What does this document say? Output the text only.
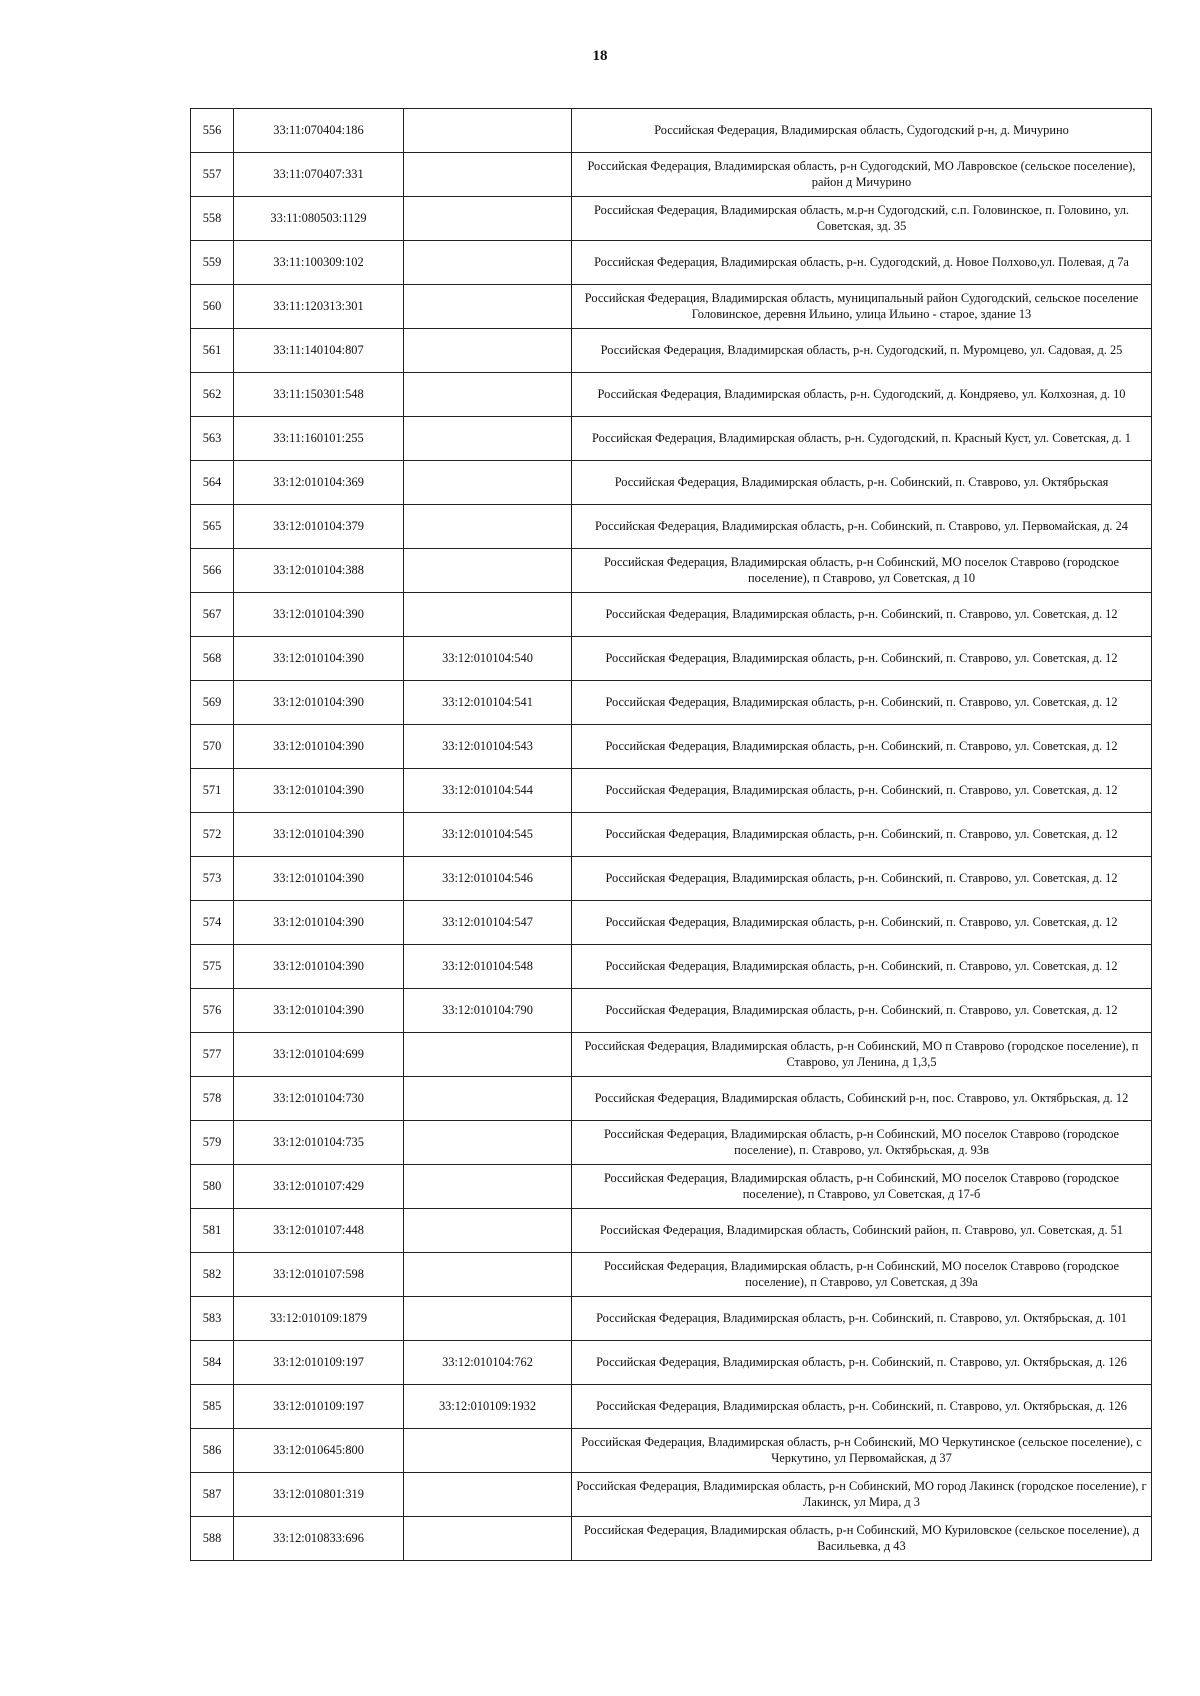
18
556	33:11:070404:186		Российская Федерация, Владимирская область, Судогодский р-н, д. Мичурино
557	33:11:070407:331		Российская Федерация, Владимирская область, р-н Судогодский, МО Лавровское (сельское поселение), район д Мичурино
558	33:11:080503:1129		Российская Федерация, Владимирская область, м.р-н Судогодский, с.п. Головинское, п. Головино, ул. Советская, зд. 35
559	33:11:100309:102		Российская Федерация, Владимирская область, р-н. Судогодский, д. Новое Полхово,ул. Полевая, д 7а
560	33:11:120313:301		Российская Федерация, Владимирская область, муниципальный район Судогодский, сельское поселение Головинское, деревня Ильино, улица Ильино - старое, здание 13
561	33:11:140104:807		Российская Федерация, Владимирская область, р-н. Судогодский, п. Муромцево, ул. Садовая, д. 25
562	33:11:150301:548		Российская Федерация, Владимирская область, р-н. Судогодский, д. Кондряево, ул. Колхозная, д. 10
563	33:11:160101:255		Российская Федерация, Владимирская область, р-н. Судогодский, п. Красный Куст, ул. Советская, д. 1
564	33:12:010104:369		Российская Федерация, Владимирская область, р-н. Собинский, п. Ставрово, ул. Октябрьская
565	33:12:010104:379		Российская Федерация, Владимирская область, р-н. Собинский, п. Ставрово, ул. Первомайская, д. 24
566	33:12:010104:388		Российская Федерация, Владимирская область, р-н Собинский, МО поселок Ставрово (городское поселение), п Ставрово, ул Советская, д 10
567	33:12:010104:390		Российская Федерация, Владимирская область, р-н. Собинский, п. Ставрово, ул. Советская, д. 12
568	33:12:010104:390	33:12:010104:540	Российская Федерация, Владимирская область, р-н. Собинский, п. Ставрово, ул. Советская, д. 12
569	33:12:010104:390	33:12:010104:541	Российская Федерация, Владимирская область, р-н. Собинский, п. Ставрово, ул. Советская, д. 12
570	33:12:010104:390	33:12:010104:543	Российская Федерация, Владимирская область, р-н. Собинский, п. Ставрово, ул. Советская, д. 12
571	33:12:010104:390	33:12:010104:544	Российская Федерация, Владимирская область, р-н. Собинский, п. Ставрово, ул. Советская, д. 12
572	33:12:010104:390	33:12:010104:545	Российская Федерация, Владимирская область, р-н. Собинский, п. Ставрово, ул. Советская, д. 12
573	33:12:010104:390	33:12:010104:546	Российская Федерация, Владимирская область, р-н. Собинский, п. Ставрово, ул. Советская, д. 12
574	33:12:010104:390	33:12:010104:547	Российская Федерация, Владимирская область, р-н. Собинский, п. Ставрово, ул. Советская, д. 12
575	33:12:010104:390	33:12:010104:548	Российская Федерация, Владимирская область, р-н. Собинский, п. Ставрово, ул. Советская, д. 12
576	33:12:010104:390	33:12:010104:790	Российская Федерация, Владимирская область, р-н. Собинский, п. Ставрово, ул. Советская, д. 12
577	33:12:010104:699		Российская Федерация, Владимирская область, р-н Собинский, МО п Ставрово (городское поселение), п Ставрово, ул Ленина, д 1,3,5
578	33:12:010104:730		Российская Федерация, Владимирская область, Собинский р-н, пос. Ставрово, ул. Октябрьская, д. 12
579	33:12:010104:735		Российская Федерация, Владимирская область, р-н Собинский, МО поселок Ставрово (городское поселение), п. Ставрово, ул. Октябрьская, д. 93в
580	33:12:010107:429		Российская Федерация, Владимирская область, р-н Собинский, МО поселок Ставрово (городское поселение), п Ставрово, ул Советская, д 17-б
581	33:12:010107:448		Российская Федерация, Владимирская область, Собинский район, п. Ставрово, ул. Советская, д. 51
582	33:12:010107:598		Российская Федерация, Владимирская область, р-н Собинский, МО поселок Ставрово (городское поселение), п Ставрово, ул Советская, д 39а
583	33:12:010109:1879		Российская Федерация, Владимирская область, р-н. Собинский, п. Ставрово, ул. Октябрьская, д. 101
584	33:12:010109:197	33:12:010104:762	Российская Федерация, Владимирская область, р-н. Собинский, п. Ставрово, ул. Октябрьская, д. 126
585	33:12:010109:197	33:12:010109:1932	Российская Федерация, Владимирская область, р-н. Собинский, п. Ставрово, ул. Октябрьская, д. 126
586	33:12:010645:800		Российская Федерация, Владимирская область, р-н Собинский, МО Черкутинское (сельское поселение), с Черкутино, ул Первомайская, д 37
587	33:12:010801:319		Российская Федерация, Владимирская область, р-н Собинский, МО город Лакинск (городское поселение), г Лакинск, ул Мира, д 3
588	33:12:010833:696		Российская Федерация, Владимирская область, р-н Собинский, МО Куриловское (сельское поселение), д Васильевка, д 43
